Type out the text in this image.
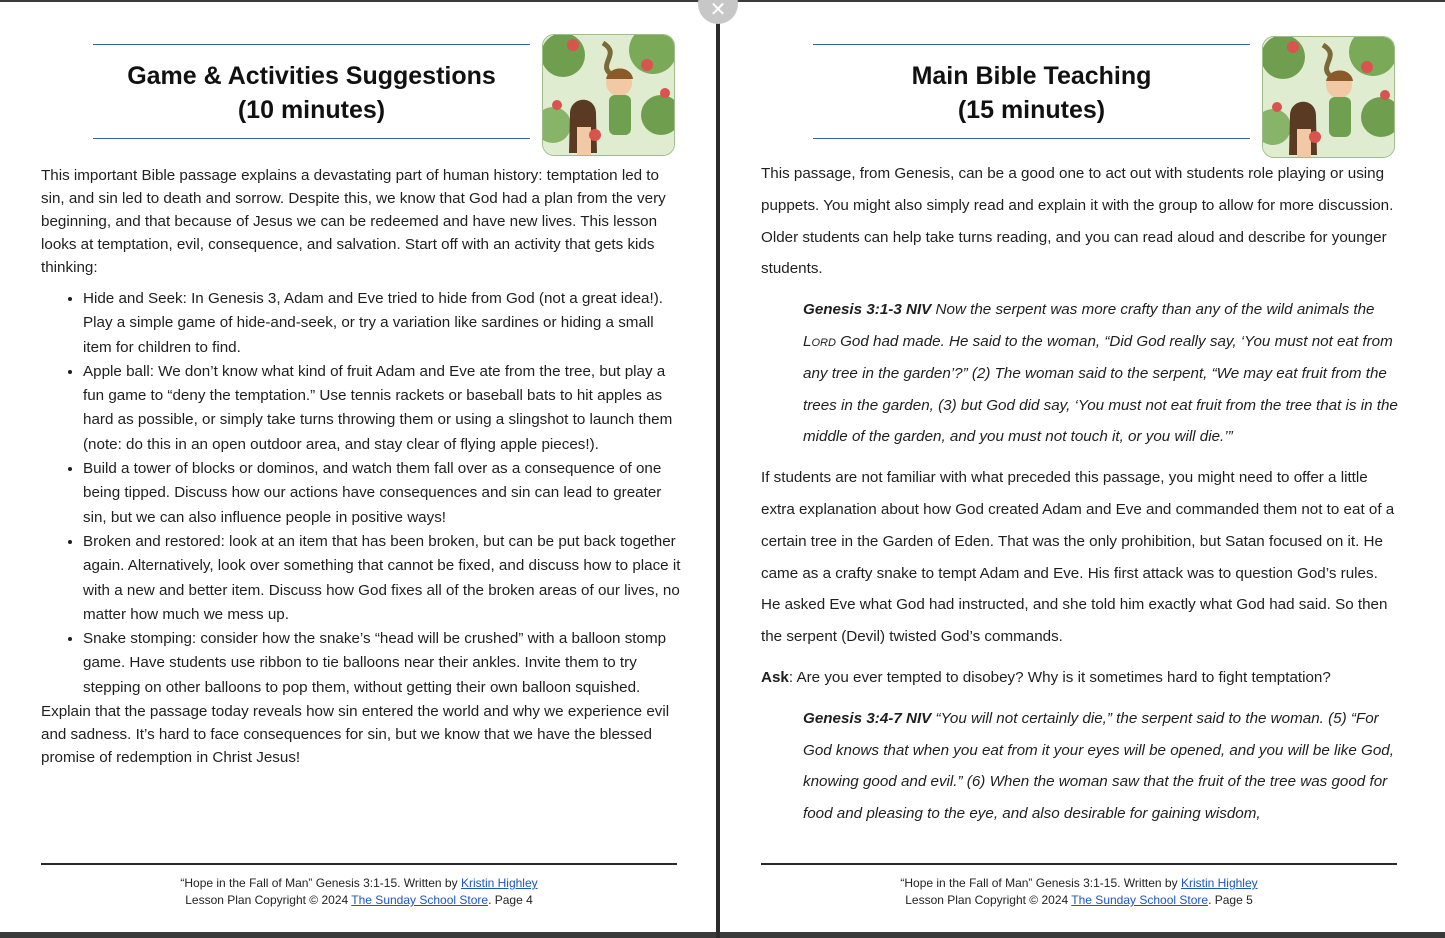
Game & Activities Suggestions
(10 minutes)

This important Bible passage explains a devastating part of human history: temptation led to sin, and sin led to death and sorrow. Despite this, we know that God had a plan from the very beginning, and that because of Jesus we can be redeemed and have new lives. This lesson looks at temptation, evil, consequence, and salvation. Start off with an activity that gets kids thinking:

• Hide and Seek: In Genesis 3, Adam and Eve tried to hide from God (not a great idea!). Play a simple game of hide-and-seek, or try a variation like sardines or hiding a small item for children to find.
• Apple ball: We don’t know what kind of fruit Adam and Eve ate from the tree, but play a fun game to “deny the temptation.” Use tennis rackets or baseball bats to hit apples as hard as possible, or simply take turns throwing them or using a slingshot to launch them (note: do this in an open outdoor area, and stay clear of flying apple pieces!).
• Build a tower of blocks or dominos, and watch them fall over as a consequence of one being tipped. Discuss how our actions have consequences and sin can lead to greater sin, but we can also influence people in positive ways!
• Broken and restored: look at an item that has been broken, but can be put back together again. Alternatively, look over something that cannot be fixed, and discuss how to place it with a new and better item. Discuss how God fixes all of the broken areas of our lives, no matter how much we mess up.
• Snake stomping: consider how the snake’s “head will be crushed” with a balloon stomp game. Have students use ribbon to tie balloons near their ankles. Invite them to try stepping on other balloons to pop them, without getting their own balloon squished.

Explain that the passage today reveals how sin entered the world and why we experience evil and sadness. It’s hard to face consequences for sin, but we know that we have the blessed promise of redemption in Christ Jesus!

“Hope in the Fall of Man” Genesis 3:1-15. Written by Kristin Highley
Lesson Plan Copyright © 2024 The Sunday School Store. Page 4
✕
Main Bible Teaching
(15 minutes)

This passage, from Genesis, can be a good one to act out with students role playing or using puppets. You might also simply read and explain it with the group to allow for more discussion. Older students can help take turns reading, and you can read aloud and describe for younger students.

Genesis 3:1-3 NIV Now the serpent was more crafty than any of the wild animals the Lord God had made. He said to the woman, “Did God really say, ‘You must not eat from any tree in the garden’?” (2) The woman said to the serpent, “We may eat fruit from the trees in the garden, (3) but God did say, ‘You must not eat fruit from the tree that is in the middle of the garden, and you must not touch it, or you will die.’”

If students are not familiar with what preceded this passage, you might need to offer a little extra explanation about how God created Adam and Eve and commanded them not to eat of a certain tree in the Garden of Eden. That was the only prohibition, but Satan focused on it. He came as a crafty snake to tempt Adam and Eve. His first attack was to question God’s rules. He asked Eve what God had instructed, and she told him exactly what God had said. So then the serpent (Devil) twisted God’s commands.

Ask: Are you ever tempted to disobey? Why is it sometimes hard to fight temptation?

Genesis 3:4-7 NIV “You will not certainly die,” the serpent said to the woman. (5) “For God knows that when you eat from it your eyes will be opened, and you will be like God, knowing good and evil.” (6) When the woman saw that the fruit of the tree was good for food and pleasing to the eye, and also desirable for gaining wisdom,

“Hope in the Fall of Man” Genesis 3:1-15. Written by Kristin Highley
Lesson Plan Copyright © 2024 The Sunday School Store. Page 5
